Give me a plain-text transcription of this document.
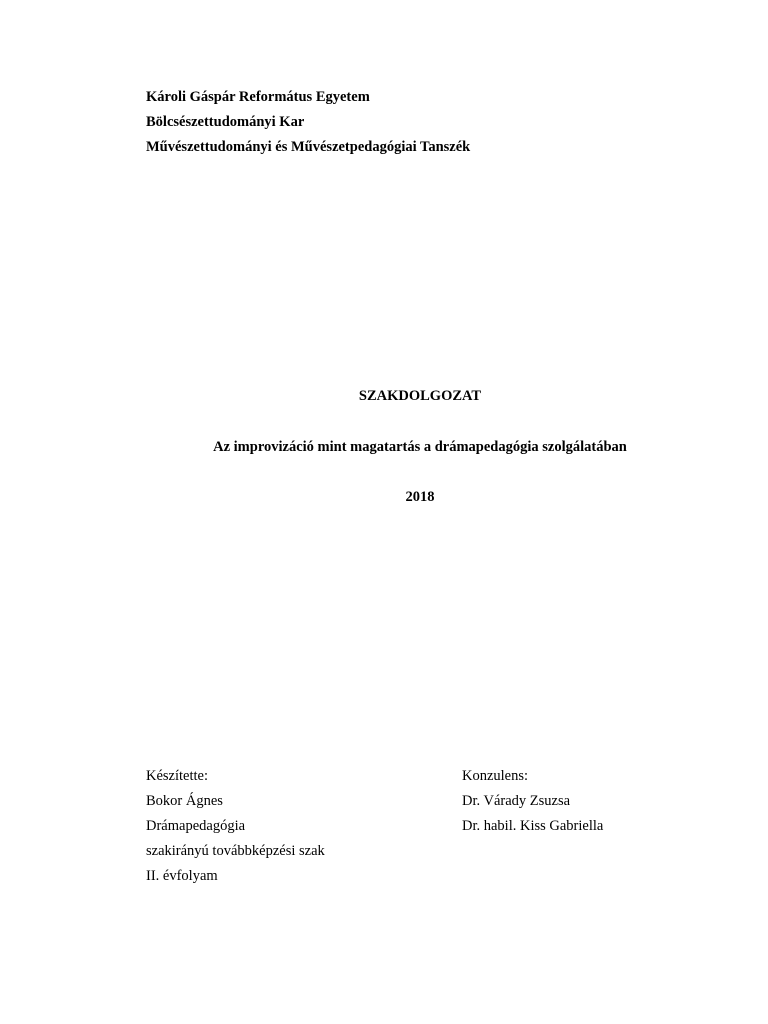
Károli Gáspár Református Egyetem
Bölcsészettudományi Kar
Művészettudományi és Művészetpedagógiai Tanszék
SZAKDOLGOZAT
Az improvizáció mint magatartás a drámapedagógia szolgálatában
2018
Készítette:
Bokor Ágnes
Drámapedagógia
szakirányú továbbképzési szak
II. évfolyam
Konzulens:
Dr. Várady Zsuzsa
Dr. habil. Kiss Gabriella
